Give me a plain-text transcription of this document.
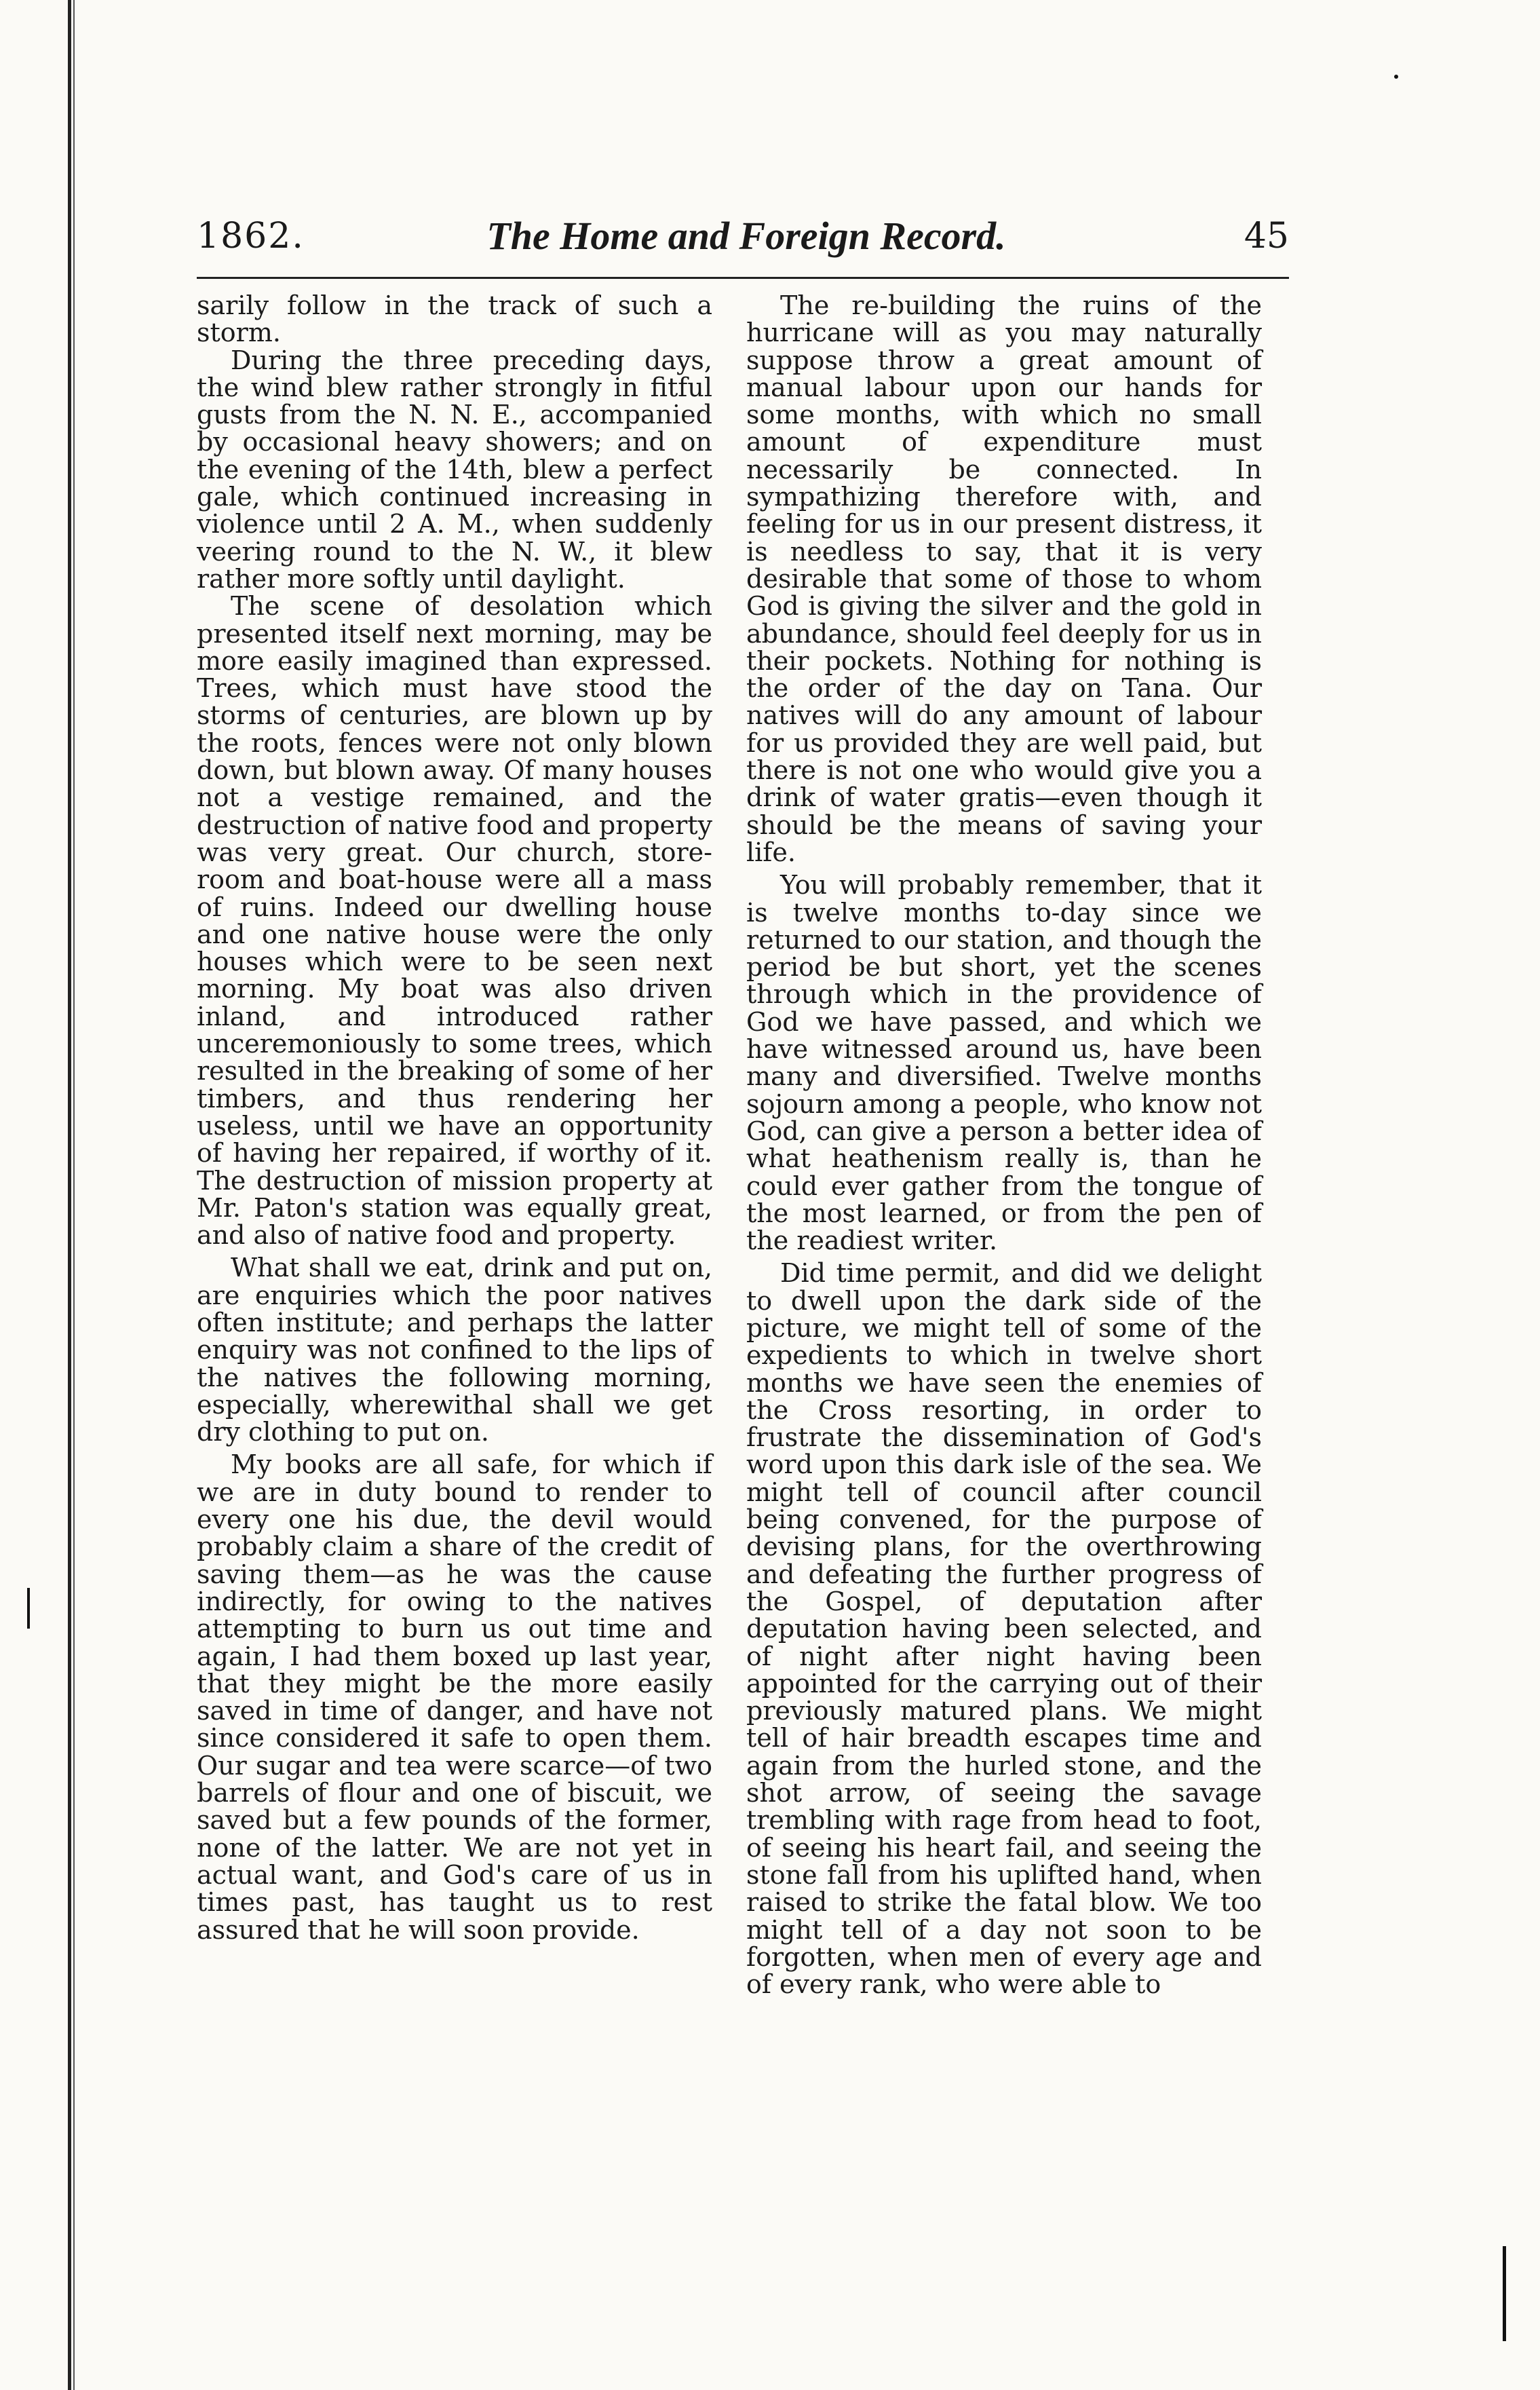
1862.	The Home and Foreign Record.	45

sarily follow in the track of such a storm.

During the three preceding days, the wind blew rather strongly in fitful gusts from the N. N. E., accompanied by occasional heavy showers; and on the evening of the 14th, blew a perfect gale, which continued increasing in violence until 2 A. M., when suddenly veering round to the N. W., it blew rather more softly until daylight.

The scene of desolation which presented itself next morning, may be more easily imagined than expressed. Trees, which must have stood the storms of centuries, are blown up by the roots, fences were not only blown down, but blown away. Of many houses not a vestige remained, and the destruction of native food and property was very great. Our church, store-room and boat-house were all a mass of ruins. Indeed our dwelling house and one native house were the only houses which were to be seen next morning. My boat was also driven inland, and introduced rather unceremoniously to some trees, which resulted in the breaking of some of her timbers, and thus rendering her useless, until we have an opportunity of having her repaired, if worthy of it. The destruction of mission property at Mr. Paton's station was equally great, and also of native food and property.

What shall we eat, drink and put on, are enquiries which the poor natives often institute; and perhaps the latter enquiry was not confined to the lips of the natives the following morning, especially, wherewithal shall we get dry clothing to put on.

My books are all safe, for which if we are in duty bound to render to every one his due, the devil would probably claim a share of the credit of saving them—as he was the cause indirectly, for owing to the natives attempting to burn us out time and again, I had them boxed up last year, that they might be the more easily saved in time of danger, and have not since considered it safe to open them. Our sugar and tea were scarce—of two barrels of flour and one of biscuit, we saved but a few pounds of the former, none of the latter. We are not yet in actual want, and God's care of us in times past, has taught us to rest assured that he will soon provide.

The re-building the ruins of the hurricane will as you may naturally suppose throw a great amount of manual labour upon our hands for some months, with which no small amount of expenditure must necessarily be connected. In sympathizing therefore with, and feeling for us in our present distress, it is needless to say, that it is very desirable that some of those to whom God is giving the silver and the gold in abundance, should feel deeply for us in their pockets. Nothing for nothing is the order of the day on Tana. Our natives will do any amount of labour for us provided they are well paid, but there is not one who would give you a drink of water gratis—even though it should be the means of saving your life.

You will probably remember, that it is twelve months to-day since we returned to our station, and though the period be but short, yet the scenes through which in the providence of God we have passed, and which we have witnessed around us, have been many and diversified. Twelve months sojourn among a people, who know not God, can give a person a better idea of what heathenism really is, than he could ever gather from the tongue of the most learned, or from the pen of the readiest writer.

Did time permit, and did we delight to dwell upon the dark side of the picture, we might tell of some of the expedients to which in twelve short months we have seen the enemies of the Cross resorting, in order to frustrate the dissemination of God's word upon this dark isle of the sea. We might tell of council after council being convened, for the purpose of devising plans, for the overthrowing and defeating the further progress of the Gospel, of deputation after deputation having been selected, and of night after night having been appointed for the carrying out of their previously matured plans. We might tell of hair breadth escapes time and again from the hurled stone, and the shot arrow, of seeing the savage trembling with rage from head to foot, of seeing his heart fail, and seeing the stone fall from his uplifted hand, when raised to strike the fatal blow. We too might tell of a day not soon to be forgotten, when men of every age and of every rank, who were able to
